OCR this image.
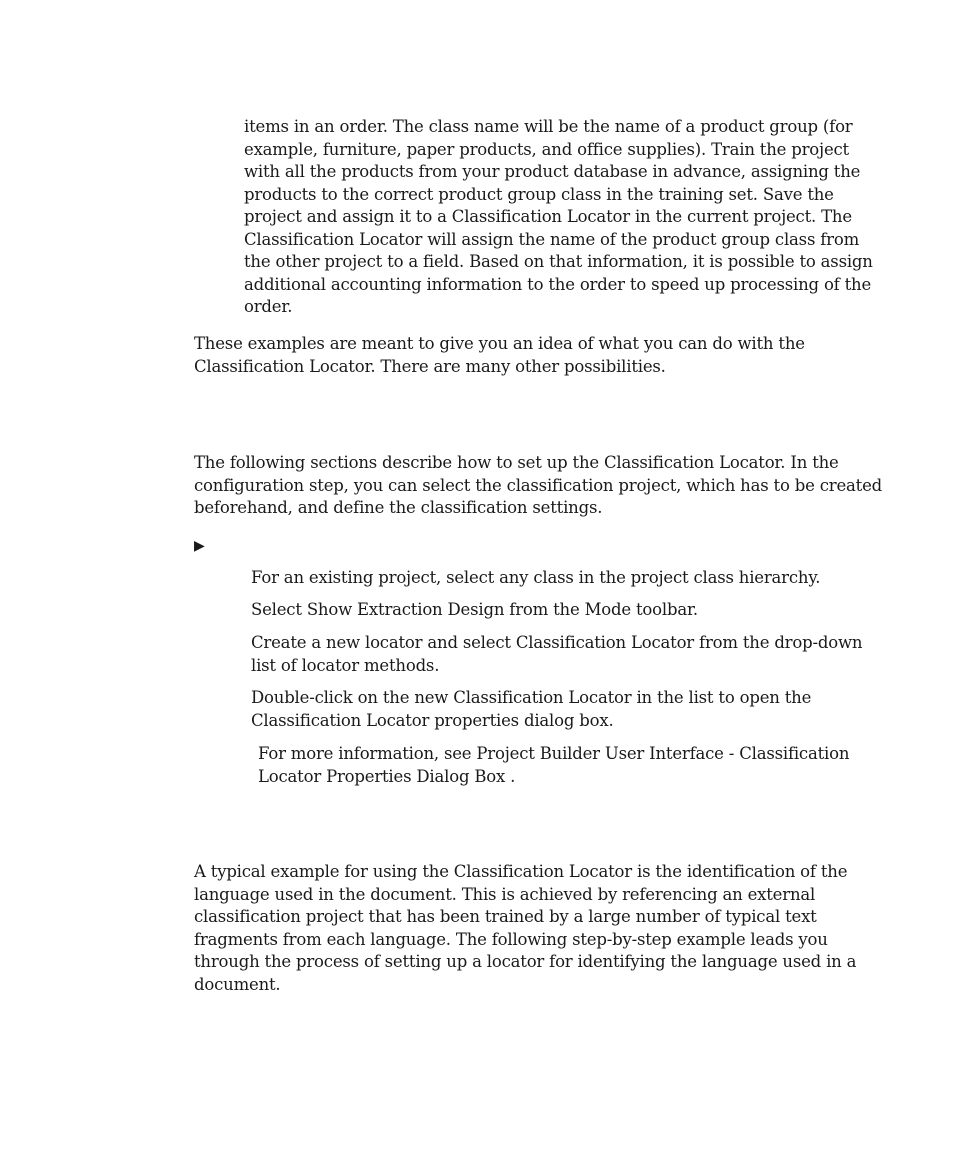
items in an order. The class name will be the name of a product group (for example, furniture, paper products, and office supplies). Train the project with all the products from your product database in advance, assigning the products to the correct product group class in the training set. Save the project and assign it to a Classification Locator in the current project. The Classification Locator will assign the name of the product group class from the other project to a field. Based on that information, it is possible to assign additional accounting information to the order to speed up processing of the order.

These examples are meant to give you an idea of what you can do with the Classification Locator. There are many other possibilities.

The following sections describe how to set up the Classification Locator. In the configuration step, you can select the classification project, which has to be created beforehand, and define the classification settings.

▶

For an existing project, select any class in the project class hierarchy.

Select Show Extraction Design from the Mode toolbar.

Create a new locator and select Classification Locator from the drop-down list of locator methods.

Double-click on the new Classification Locator in the list to open the Classification Locator properties dialog box.

For more information, see Project Builder User Interface - Classification Locator Properties Dialog Box .

A typical example for using the Classification Locator is the identification of the language used in the document. This is achieved by referencing an external classification project that has been trained by a large number of typical text fragments from each language. The following step-by-step example leads you through the process of setting up a locator for identifying the language used in a document.
